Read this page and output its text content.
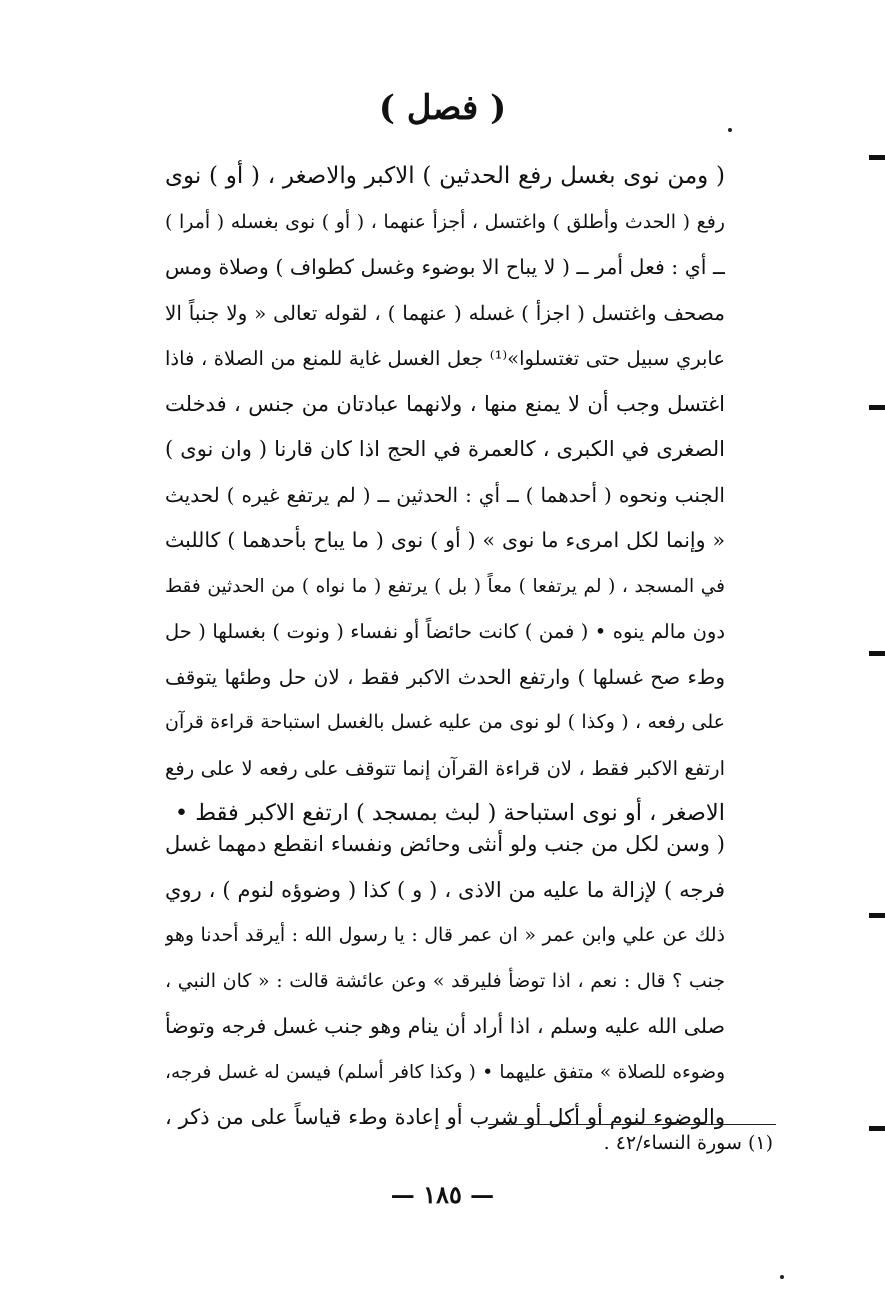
( فصل )
( ومن نوى بغسل رفع الحدثين ) الاكبر والاصغر ، ( أو ) نوى
رفع ( الحدث وأطلق ) واغتسل ، أجزأ عنهما ، ( أو ) نوى بغسله ( أمرا )
ــ أي : فعل أمر ــ ( لا يباح الا بوضوء وغسل كطواف ) وصلاة ومس
مصحف واغتسل ( اجزأ ) غسله ( عنهما ) ، لقوله تعالى « ولا جنباً الا
عابري سبيل حتى تغتسلوا»⁽¹⁾ جعل الغسل غاية للمنع من الصلاة ، فاذا
اغتسل وجب أن لا يمنع منها ، ولانهما عبادتان من جنس ، فدخلت
الصغرى في الكبرى ، كالعمرة في الحج اذا كان قارنا ( وان نوى )
الجنب ونحوه ( أحدهما ) ــ أي : الحدثين ــ ( لم يرتفع غيره ) لحديث
« وإنما لكل امرىء ما نوى » ( أو ) نوى ( ما يباح بأحدهما ) كاللبث
في المسجد ، ( لم يرتفعا ) معاً ( بل ) يرتفع ( ما نواه ) من الحدثين فقط
دون مالم ينوه • ( فمن ) كانت حائضاً أو نفساء ( ونوت ) بغسلها ( حل
وطء صح غسلها ) وارتفع الحدث الاكبر فقط ، لان حل وطئها يتوقف
على رفعه ، ( وكذا ) لو نوى من عليه غسل بالغسل استباحة قراءة قرآن
ارتفع الاكبر فقط ، لان قراءة القرآن إنما تتوقف على رفعه لا على رفع
الاصغر ، أو نوى استباحة ( لبث بمسجد ) ارتفع الاكبر فقط •
( وسن لكل من جنب ولو أنثى وحائض ونفساء انقطع دمهما غسل
فرجه ) لإزالة ما عليه من الاذى ، ( و ) كذا ( وضوؤه لنوم ) ، روي
ذلك عن علي وابن عمر « ان عمر قال : يا رسول الله : أيرقد أحدنا وهو
جنب ؟ قال : نعم ، اذا توضأ فليرقد » وعن عائشة قالت : « كان النبي ،
صلى الله عليه وسلم ، اذا أراد أن ينام وهو جنب غسل فرجه وتوضأ
وضوءه للصلاة » متفق عليهما • ( وكذا كافر أسلم) فيسن له غسل فرجه،
والوضوء لنوم أو أكل أو شرب أو إعادة وطء قياساً على من ذكر ،
(١) سورة النساء/٤٢ .
— ١٨٥ —
